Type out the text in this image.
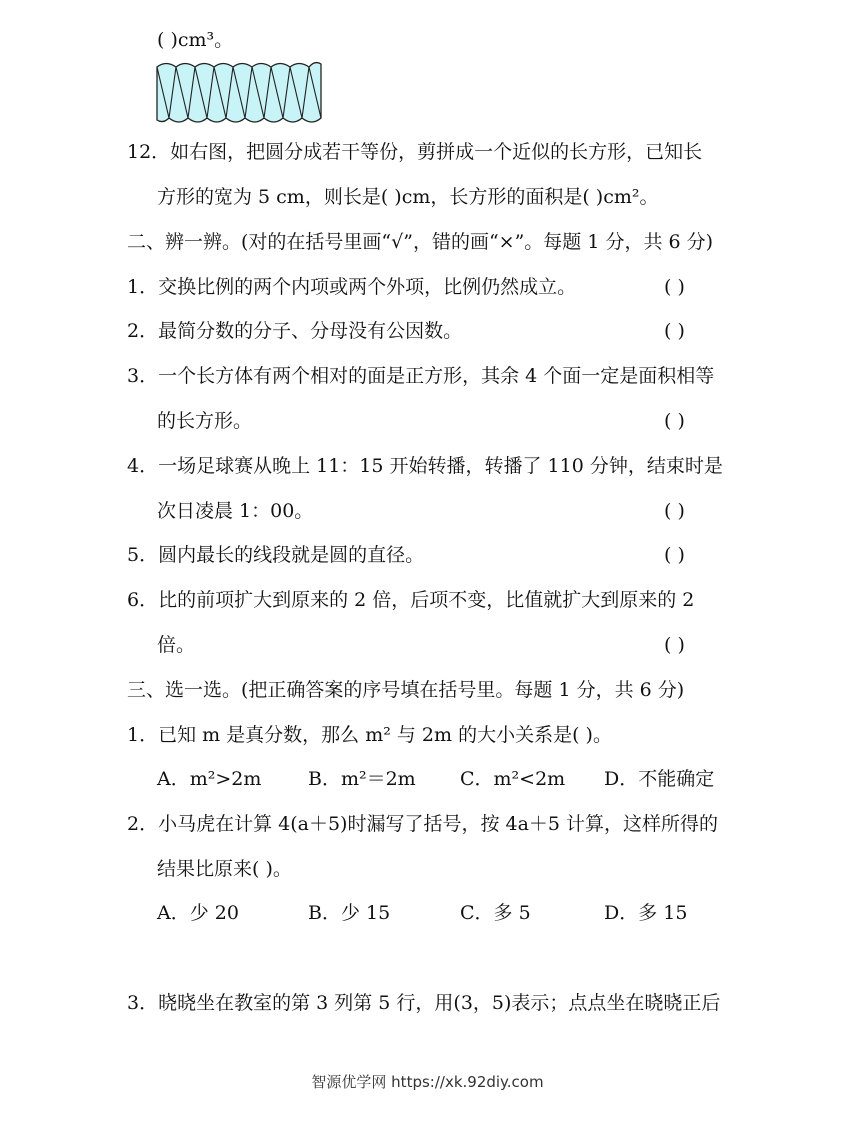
( )cm³。
12．如右图，把圆分成若干等份，剪拼成一个近似的长方形，已知长
方形的宽为 5 cm，则长是( )cm，长方形的面积是( )cm²。
二、辨一辨。(对的在括号里画“√”，错的画“×”。每题 1 分，共 6 分)
1．交换比例的两个内项或两个外项，比例仍然成立。	( )
2．最简分数的分子、分母没有公因数。	( )
3．一个长方体有两个相对的面是正方形，其余 4 个面一定是面积相等
的长方形。	( )
4．一场足球赛从晚上 11：15 开始转播，转播了 110 分钟，结束时是
次日凌晨 1：00。	( )
5．圆内最长的线段就是圆的直径。	( )
6．比的前项扩大到原来的 2 倍，后项不变，比值就扩大到原来的 2
倍。	( )
三、选一选。(把正确答案的序号填在括号里。每题 1 分，共 6 分)
1．已知 m 是真分数，那么 m² 与 2m 的大小关系是( )。
A．m²>2m B．m²＝2m C．m²<2m D．不能确定
2．小马虎在计算 4(a＋5)时漏写了括号，按 4a＋5 计算，这样所得的
结果比原来( )。
A．少 20	B．少 15	C．多 5	D．多 15
3．晓晓坐在教室的第 3 列第 5 行，用(3，5)表示；点点坐在晓晓正后
智源优学网 https://xk.92diy.com
